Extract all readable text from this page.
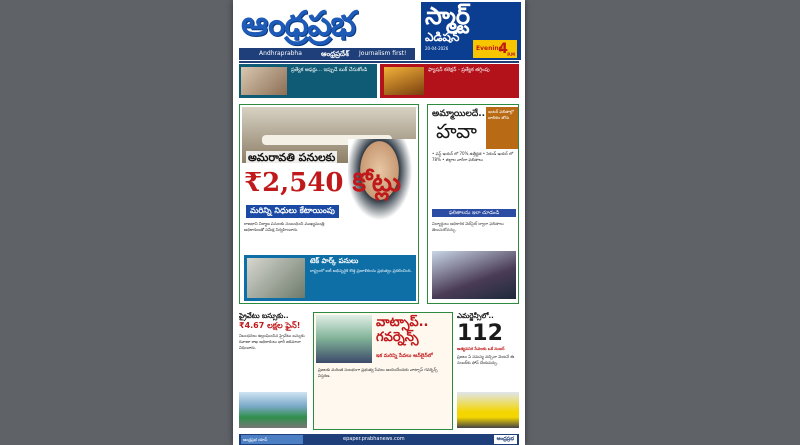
ఆంధ్రప్రభ
Andhraprabha	Journalism first!
ఆంధ్రప్రదేశ్
స్మార్ట్
ఎడిషన్
20-04-2026	Evening
4 P.M
ప్రత్యేక ఆఫర్లు... ఇప్పుడే బుక్ చేసుకోండి	ఫ్యాషన్ కలెక్షన్ - ప్రత్యేక తగ్గింపు
అమరావతి పనులకు
₹2,540 కోట్లు
మరిన్ని నిధులు కేటాయింపు
రాజధాని నిర్మాణ పనులకు సంబంధించి ముఖ్యమంత్రి అధికారులతో సమీక్ష నిర్వహించారు.
టెక్ పార్క్ పనులు
రాష్ట్రంలో ఐటీ అభివృద్ధికి కొత్త ప్రణాళికలను ప్రభుత్వం ప్రకటించింది.
అమ్మాయిలదే..
హవా
ఇంటర్ ఫలితాల్లో బాలికల జోరు
• ఫస్ట్ ఇయర్ లో 70% ఉత్తీర్ణత • సెకండ్ ఇయర్ లో 78% • జిల్లాల వారీగా ఫలితాలు
ఫలితాలను ఇలా చూడండి
విద్యార్థులు అధికారిక వెబ్‌సైట్ ద్వారా ఫలితాలు తెలుసుకోవచ్చు.
ప్రైవేటు బస్సుకు..
₹4.67 లక్షల ఫైన్!
నిబంధనలు ఉల్లంఘించిన ప్రైవేటు బస్సుకు రవాణా శాఖ అధికారులు భారీ జరిమానా విధించారు.
వాట్సాప్.. గవర్నెన్స్
ఇక మరిన్ని సేవలు ఆన్‌లైన్‌లో
ప్రజలకు మరింత సులభంగా ప్రభుత్వ సేవలు అందించేందుకు వాట్సాప్ గవర్నెన్స్ విస్తరణ.
ఎమర్జెన్సీలో..
112
అత్యవసర సేవలకు ఒకే నంబర్
ప్రజలు ఏ సమస్య వచ్చినా వెంటనే ఈ నంబర్‌కు ఫోన్ చేయవచ్చు.
ఆంధ్రప్రభ యాప్	epaper.prabhanews.com	ఆంధ్రప్రభ
